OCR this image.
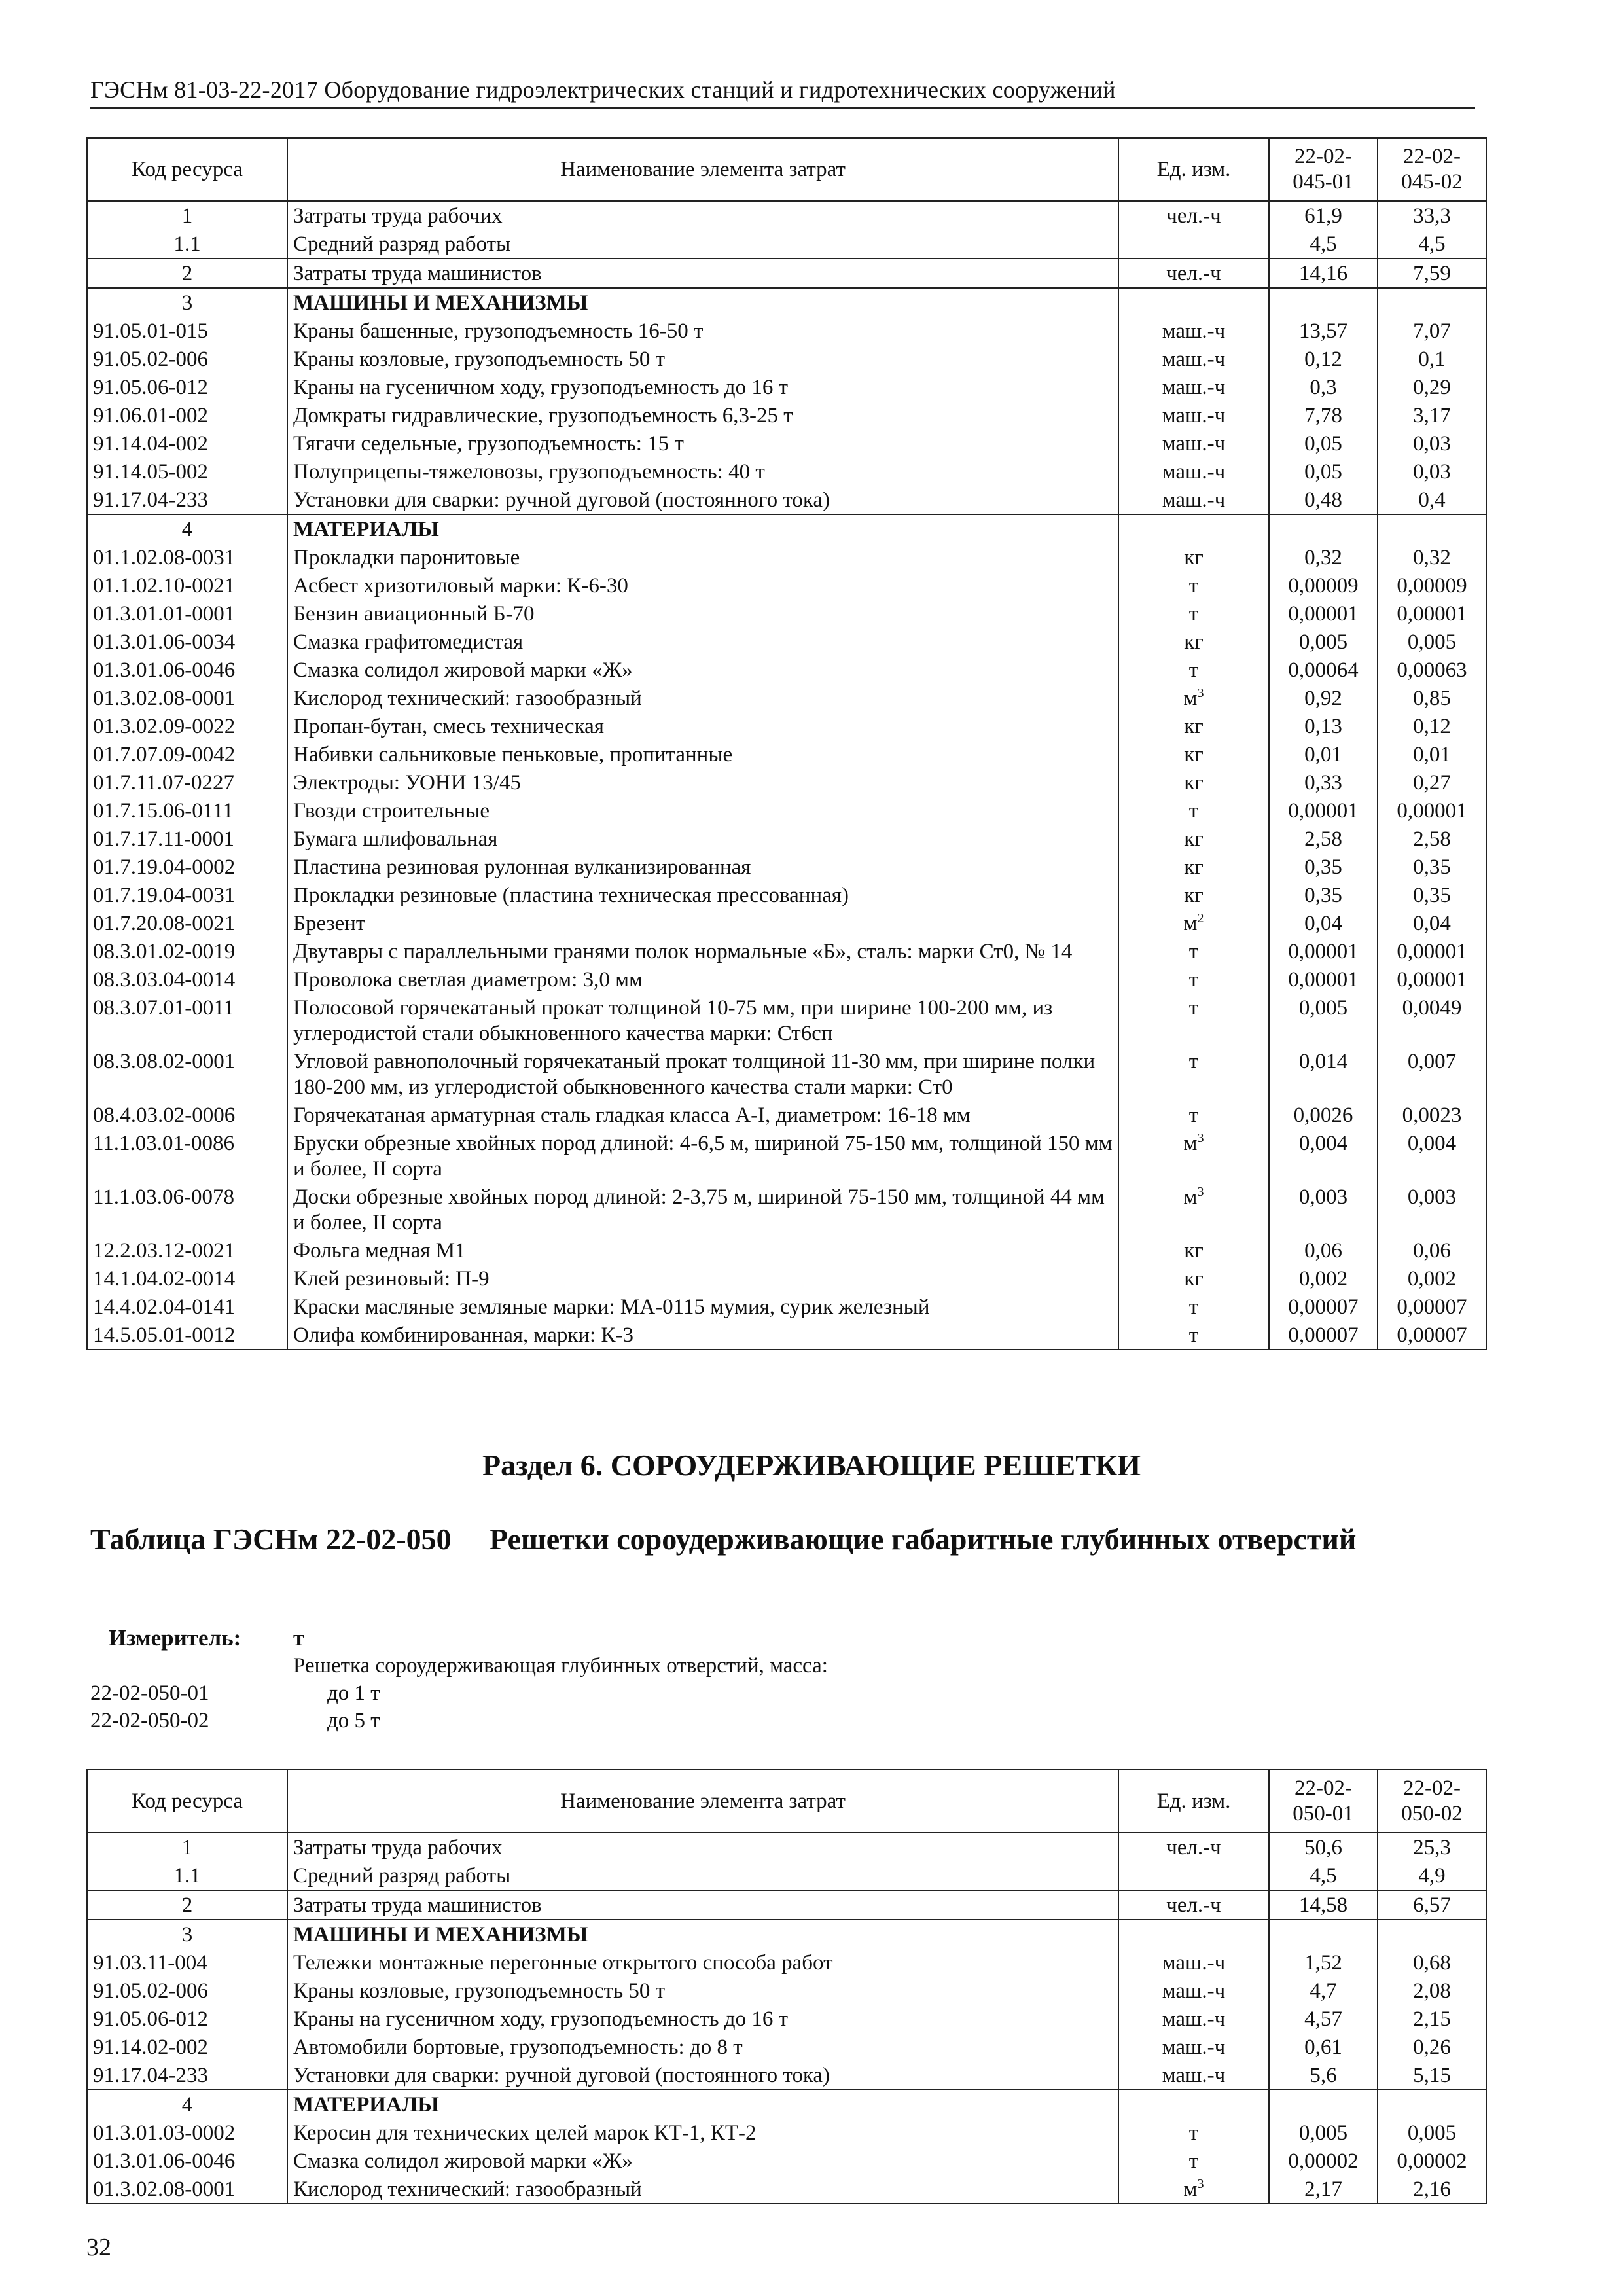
ГЭСНм 81-03-22-2017 Оборудование гидроэлектрических станций и гидротехнических сооружений
Код ресурса	Наименование элемента затрат	Ед. изм.	22-02-045-01	22-02-045-02
1	Затраты труда рабочих	чел.-ч	61,9	33,3
1.1	Средний разряд работы		4,5	4,5
2	Затраты труда машинистов	чел.-ч	14,16	7,59
3	МАШИНЫ И МЕХАНИЗМЫ			
91.05.01-015	Краны башенные, грузоподъемность 16-50 т	маш.-ч	13,57	7,07
91.05.02-006	Краны козловые, грузоподъемность 50 т	маш.-ч	0,12	0,1
91.05.06-012	Краны на гусеничном ходу, грузоподъемность до 16 т	маш.-ч	0,3	0,29
91.06.01-002	Домкраты гидравлические, грузоподъемность 6,3-25 т	маш.-ч	7,78	3,17
91.14.04-002	Тягачи седельные, грузоподъемность: 15 т	маш.-ч	0,05	0,03
91.14.05-002	Полуприцепы-тяжеловозы, грузоподъемность: 40 т	маш.-ч	0,05	0,03
91.17.04-233	Установки для сварки: ручной дуговой (постоянного тока)	маш.-ч	0,48	0,4
4	МАТЕРИАЛЫ			
01.1.02.08-0031	Прокладки паронитовые	кг	0,32	0,32
01.1.02.10-0021	Асбест хризотиловый марки: К-6-30	т	0,00009	0,00009
01.3.01.01-0001	Бензин авиационный Б-70	т	0,00001	0,00001
01.3.01.06-0034	Смазка графитомедистая	кг	0,005	0,005
01.3.01.06-0046	Смазка солидол жировой марки «Ж»	т	0,00064	0,00063
01.3.02.08-0001	Кислород технический: газообразный	$м^3$	0,92	0,85
01.3.02.09-0022	Пропан-бутан, смесь техническая	кг	0,13	0,12
01.7.07.09-0042	Набивки сальниковые пеньковые, пропитанные	кг	0,01	0,01
01.7.11.07-0227	Электроды: УОНИ 13/45	кг	0,33	0,27
01.7.15.06-0111	Гвозди строительные	т	0,00001	0,00001
01.7.17.11-0001	Бумага шлифовальная	кг	2,58	2,58
01.7.19.04-0002	Пластина резиновая рулонная вулканизированная	кг	0,35	0,35
01.7.19.04-0031	Прокладки резиновые (пластина техническая прессованная)	кг	0,35	0,35
01.7.20.08-0021	Брезент	$м^2$	0,04	0,04
08.3.01.02-0019	Двутавры с параллельными гранями полок нормальные «Б», сталь: марки Ст0, № 14	т	0,00001	0,00001
08.3.03.04-0014	Проволока светлая диаметром: 3,0 мм	т	0,00001	0,00001
08.3.07.01-0011	Полосовой горячекатаный прокат толщиной 10-75 мм, при ширине 100-200 мм, из углеродистой стали обыкновенного качества марки: Ст6сп	т	0,005	0,0049
08.3.08.02-0001	Угловой равнополочный горячекатаный прокат толщиной 11-30 мм, при ширине полки 180-200 мм, из углеродистой обыкновенного качества стали марки: Ст0	т	0,014	0,007
08.4.03.02-0006	Горячекатаная арматурная сталь гладкая класса А-I, диаметром: 16-18 мм	т	0,0026	0,0023
11.1.03.01-0086	Бруски обрезные хвойных пород длиной: 4-6,5 м, шириной 75-150 мм, толщиной 150 мм и более, II сорта	$м^3$	0,004	0,004
11.1.03.06-0078	Доски обрезные хвойных пород длиной: 2-3,75 м, шириной 75-150 мм, толщиной 44 мм и более, II сорта	$м^3$	0,003	0,003
12.2.03.12-0021	Фольга медная М1	кг	0,06	0,06
14.1.04.02-0014	Клей резиновый: П-9	кг	0,002	0,002
14.4.02.04-0141	Краски масляные земляные марки: МА-0115 мумия, сурик железный	т	0,00007	0,00007
14.5.05.01-0012	Олифа комбинированная, марки: К-3	т	0,00007	0,00007
Раздел 6. СОРОУДЕРЖИВАЮЩИЕ РЕШЕТКИ
Таблица ГЭСНм 22-02-050 Решетки сороудерживающие габаритные глубинных отверстий
Измеритель: т
Решетка сороудерживающая глубинных отверстий, масса:
22-02-050-01	до 1 т
22-02-050-02	до 5 т
Код ресурса	Наименование элемента затрат	Ед. изм.	22-02-050-01	22-02-050-02
1	Затраты труда рабочих	чел.-ч	50,6	25,3
1.1	Средний разряд работы		4,5	4,9
2	Затраты труда машинистов	чел.-ч	14,58	6,57
3	МАШИНЫ И МЕХАНИЗМЫ			
91.03.11-004	Тележки монтажные перегонные открытого способа работ	маш.-ч	1,52	0,68
91.05.02-006	Краны козловые, грузоподъемность 50 т	маш.-ч	4,7	2,08
91.05.06-012	Краны на гусеничном ходу, грузоподъемность до 16 т	маш.-ч	4,57	2,15
91.14.02-002	Автомобили бортовые, грузоподъемность: до 8 т	маш.-ч	0,61	0,26
91.17.04-233	Установки для сварки: ручной дуговой (постоянного тока)	маш.-ч	5,6	5,15
4	МАТЕРИАЛЫ			
01.3.01.03-0002	Керосин для технических целей марок КТ-1, КТ-2	т	0,005	0,005
01.3.01.06-0046	Смазка солидол жировой марки «Ж»	т	0,00002	0,00002
01.3.02.08-0001	Кислород технический: газообразный	$м^3$	2,17	2,16
32
